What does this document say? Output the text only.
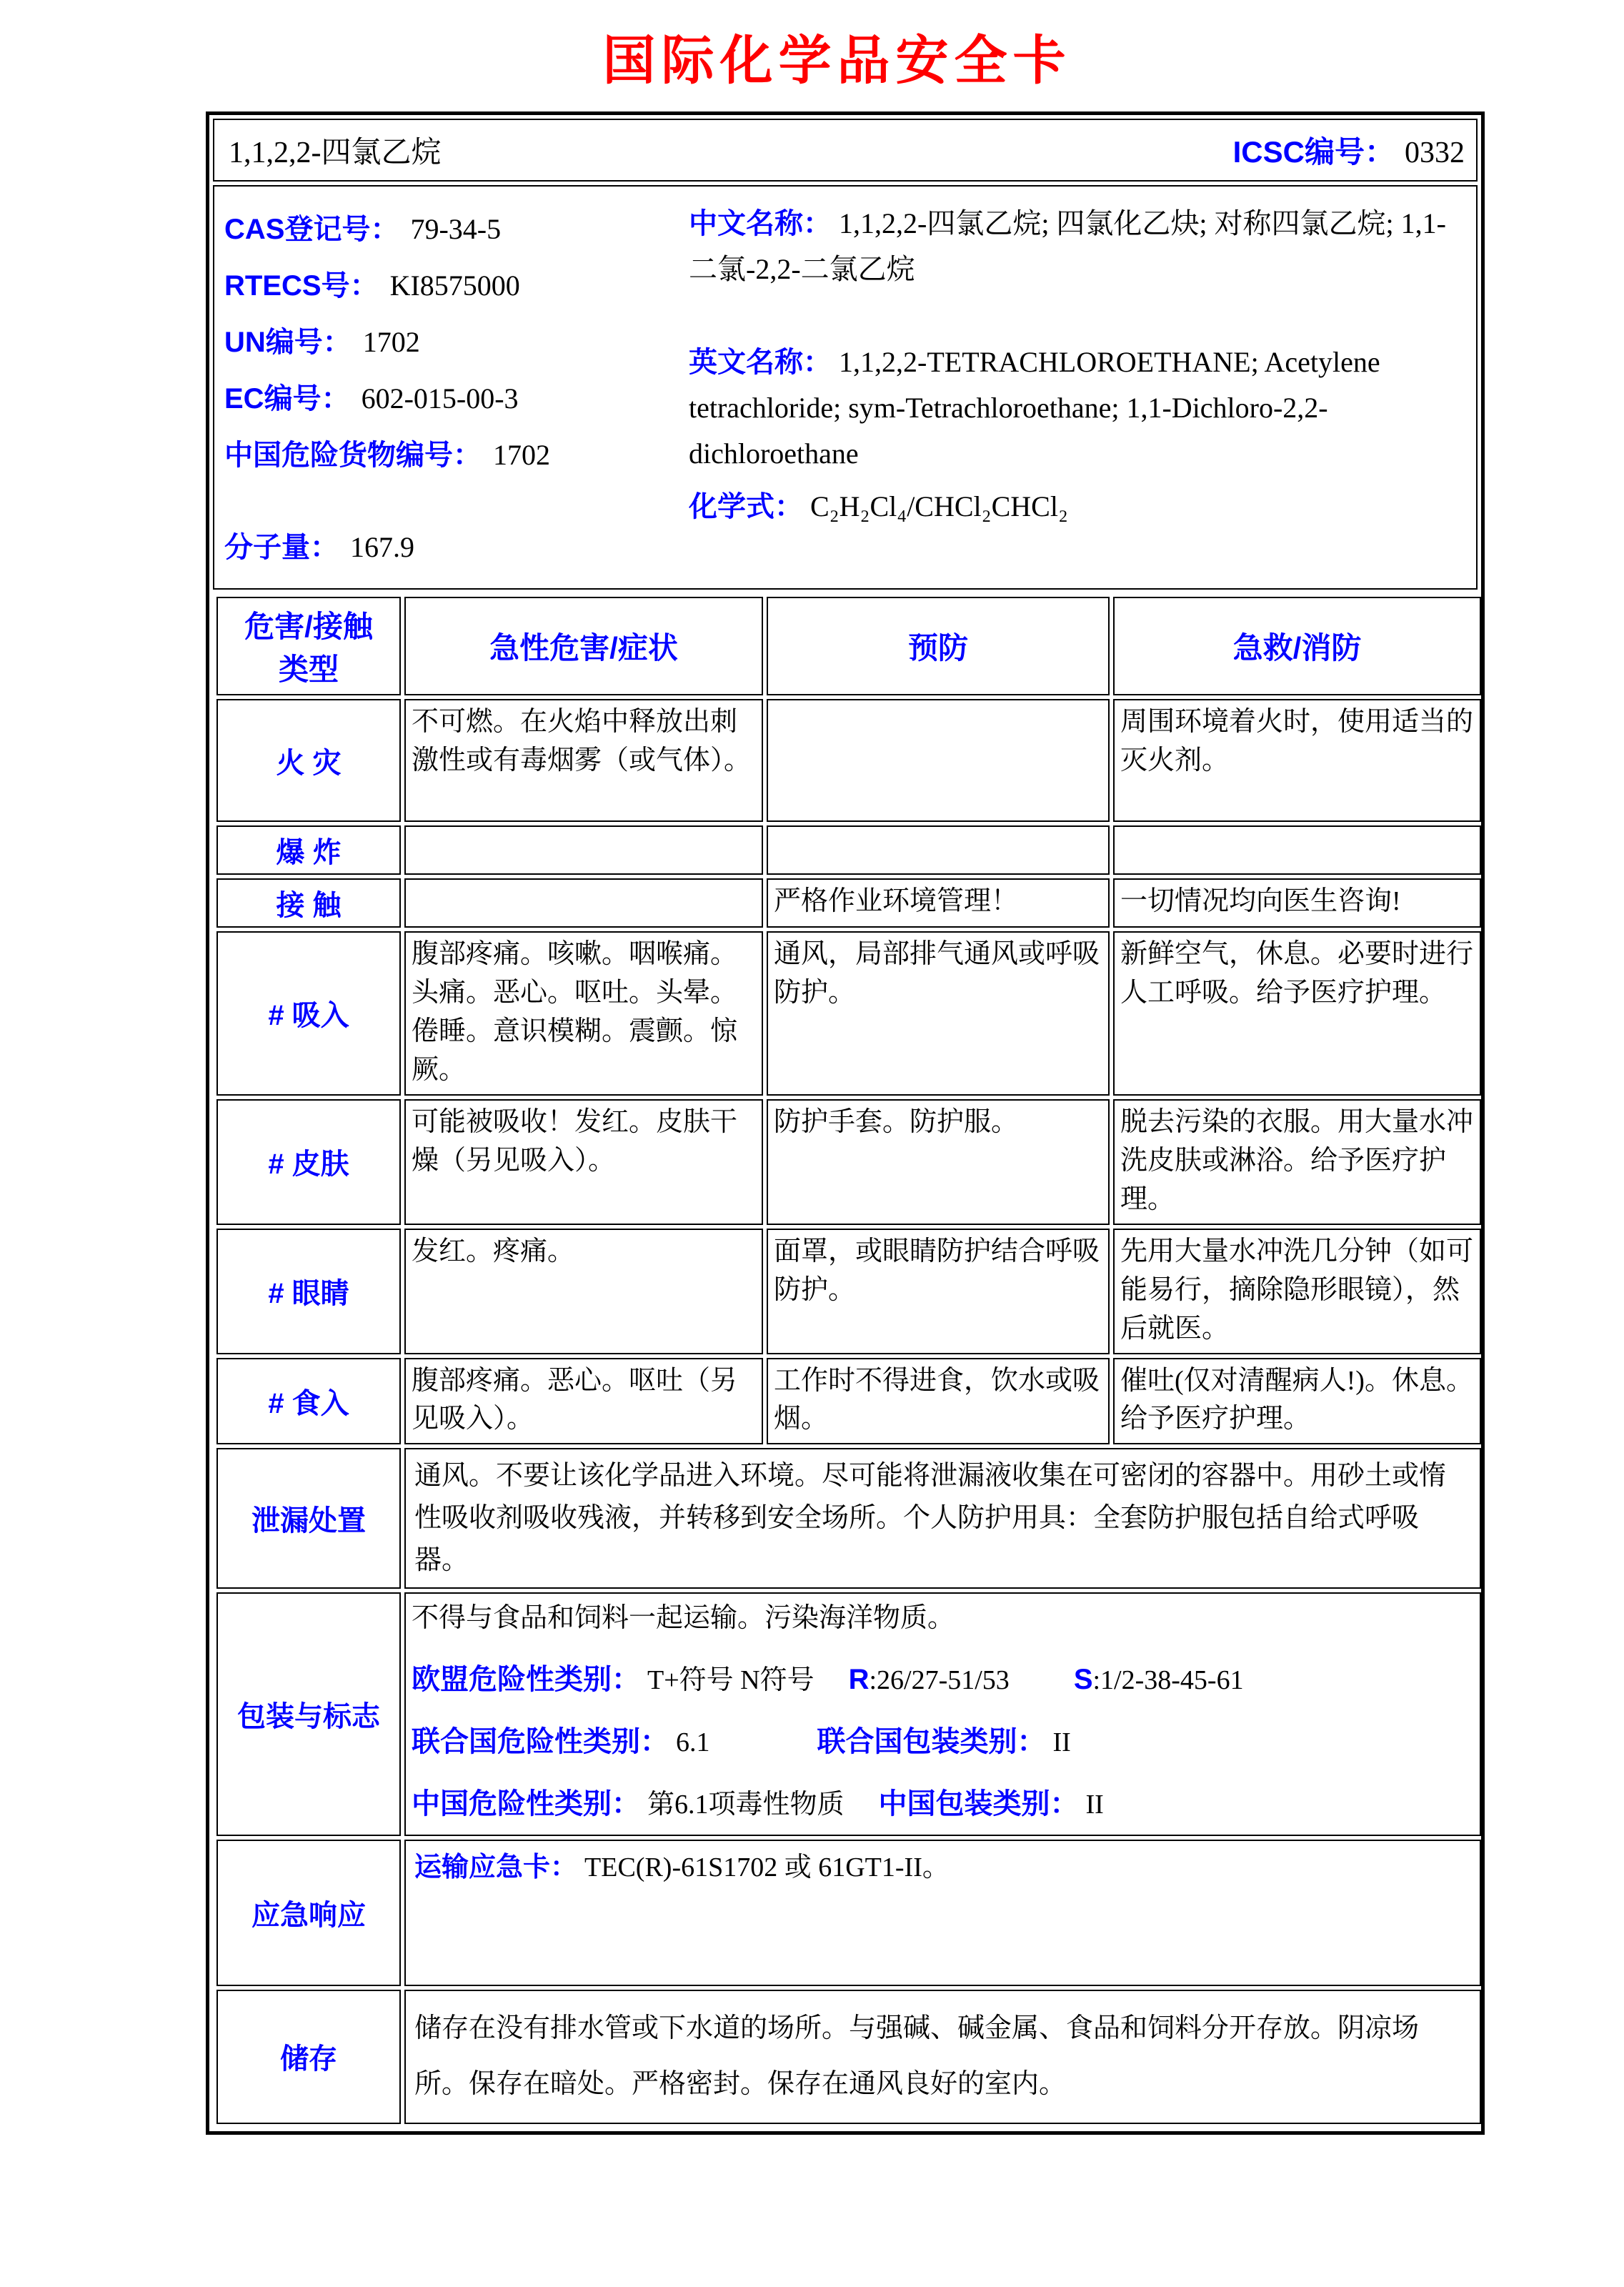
国际化学品安全卡
1,1,2,2-四氯乙烷	ICSC编号： 0332
CAS登记号： 79-34-5
RTECS号： KI8575000
UN编号： 1702
EC编号： 602-015-00-3
中国危险货物编号： 1702
分子量： 167.9

中文名称： 1,1,2,2-四氯乙烷; 四氯化乙炔; 对称四氯乙烷; 1,1-二氯-2,2-二氯乙烷

英文名称： 1,1,2,2-TETRACHLOROETHANE; Acetylene tetrachloride; sym-Tetrachloroethane; 1,1-Dichloro-2,2-dichloroethane

化学式： C₂H₂Cl₄/CHCl₂CHCl₂

危害/接触类型	急性危害/症状	预防	急救/消防
火 灾	不可燃。在火焰中释放出刺激性或有毒烟雾（或气体）。		周围环境着火时，使用适当的灭火剂。
爆 炸			
接 触		严格作业环境管理！	一切情况均向医生咨询!
# 吸入	腹部疼痛。咳嗽。咽喉痛。头痛。恶心。呕吐。头晕。倦睡。意识模糊。震颤。惊厥。	通风，局部排气通风或呼吸防护。	新鲜空气，休息。必要时进行人工呼吸。给予医疗护理。
# 皮肤	可能被吸收！发红。皮肤干燥（另见吸入）。	防护手套。防护服。	脱去污染的衣服。用大量水冲洗皮肤或淋浴。给予医疗护理。
# 眼睛	发红。疼痛。	面罩，或眼睛防护结合呼吸防护。	先用大量水冲洗几分钟（如可能易行，摘除隐形眼镜），然后就医。
# 食入	腹部疼痛。恶心。呕吐（另见吸入）。	工作时不得进食，饮水或吸烟。	催吐(仅对清醒病人!)。休息。给予医疗护理。
泄漏处置	通风。不要让该化学品进入环境。尽可能将泄漏液收集在可密闭的容器中。用砂土或惰性吸收剂吸收残液，并转移到安全场所。个人防护用具：全套防护服包括自给式呼吸器。		
包装与标志	不得与食品和饲料一起运输。污染海洋物质。
欧盟危险性类别： T+符号 N符号 R:26/27-51/53 S:1/2-38-45-61
联合国危险性类别： 6.1 联合国包装类别： II
中国危险性类别： 第6.1项毒性物质 中国包装类别： II		

应急响应	运输应急卡： TEC(R)-61S1702 或 61GT1-II。		
储存	储存在没有排水管或下水道的场所。与强碱、碱金属、食品和饲料分开存放。阴凉场所。保存在暗处。严格密封。保存在通风良好的室内。		
